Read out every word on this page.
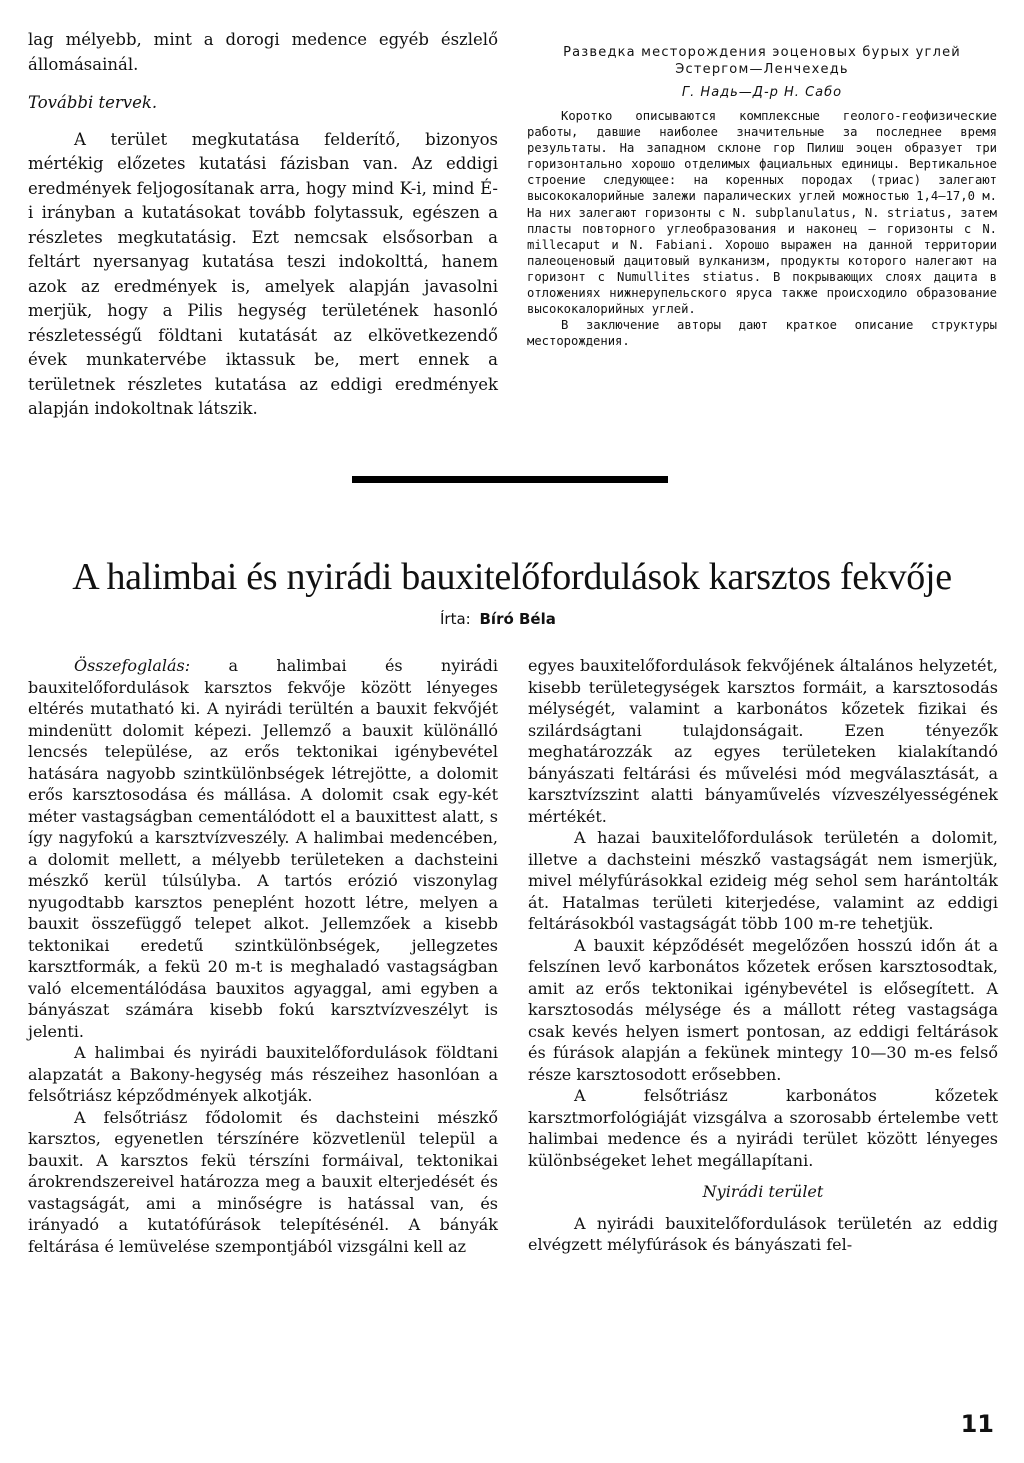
lag mélyebb, mint a dorogi medence egyéb észlelő állomásainál.

További tervek.

A terület megkutatása felderítő, bizonyos mértékig előzetes kutatási fázisban van. Az eddigi eredmények feljogosítanak arra, hogy mind K-i, mind É-i irányban a kutatásokat tovább folytassuk, egészen a részletes megkutatásig. Ezt nemcsak elsősorban a feltárt nyersanyag kutatása teszi indokolttá, hanem azok az eredmények is, amelyek alapján javasolni merjük, hogy a Pilis hegység területének hasonló részletességű földtani kutatását az elkövetkezendő évek munkatervébe iktassuk be, mert ennek a területnek részletes kutatása az eddigi eredmények alapján indokoltnak látszik.

Разведка месторождения эоценовых бурых углей

Эстергом—Ленчехедь

Г. Надь—Д-р Н. Сабо

Коротко описываются комплексные геолого-геофизические работы, давшие наиболее значительные за последнее время результаты. На западном склоне гор Пилиш эоцен образует три горизонтально хорошо отделимых фациальных единицы. Вертикальное строение следующее: на коренных породах (триас) залегают высококалорийные залежи паралических углей можностью 1,4—17,0 м. На них залегают горизонты с N. subplanulatus, N. striatus, затем пласты повторного углеобразования и наконец — горизонты с N. millecaput и N. Fabiani. Хорошо выражен на данной территории палеоценовый дацитовый вулканизм, продукты которого налегают на горизонт с Numullites stiatus. В покрывающих слоях дацита в отложениях нижнерупельского яруса также происходило образование высококалорийных углей.

В заключение авторы дают краткое описание структуры месторождения.

A halimbai és nyirádi bauxitelőfordulások karsztos fekvője

Írta: Bíró Béla

Összefoglalás: a halimbai és nyirádi bauxitelőfordulások karsztos fekvője között lényeges eltérés mutatható ki. A nyirádi terültén a bauxit fekvőjét mindenütt dolomit képezi. Jellemző a bauxit különálló lencsés települése, az erős tektonikai igénybevétel hatására nagyobb szintkülönbségek létrejötte, a dolomit erős karsztosodása és mállása. A dolomit csak egy-két méter vastagságban cementálódott el a bauxittest alatt, s így nagyfokú a karsztvízveszély. A halimbai medencében, a dolomit mellett, a mélyebb területeken a dachsteini mészkő kerül túlsúlyba. A tartós erózió viszonylag nyugodtabb karsztos peneplént hozott létre, melyen a bauxit összefüggő telepet alkot. Jellemzőek a kisebb tektonikai eredetű szintkülönbségek, jellegzetes karsztformák, a fekü 20 m-t is meghaladó vastagságban való elcementálódása bauxitos agyaggal, ami egyben a bányászat számára kisebb fokú karsztvízveszélyt is jelenti.

A halimbai és nyirádi bauxitelőfordulások földtani alapzatát a Bakony-hegység más részeihez hasonlóan a felsőtriász képződmények alkotják.

A felsőtriász fődolomit és dachsteini mészkő karsztos, egyenetlen térszínére közvetlenül települ a bauxit. A karsztos fekü térszíni formáival, tektonikai árokrendszereivel határozza meg a bauxit elterjedését és vastagságát, ami a minőségre is hatással van, és irányadó a kutatófúrások telepítésénél. A bányák feltárása é lemüvelése szempontjából vizsgálni kell az

egyes bauxitelőfordulások fekvőjének általános helyzetét, kisebb területegységek karsztos formáit, a karsztosodás mélységét, valamint a karbonátos kőzetek fizikai és szilárdságtani tulajdonságait. Ezen tényezők meghatározzák az egyes területeken kialakítandó bányászati feltárási és művelési mód megválasztását, a karsztvízszint alatti bányaművelés vízveszélyességének mértékét.

A hazai bauxitelőfordulások területén a dolomit, illetve a dachsteini mészkő vastagságát nem ismerjük, mivel mélyfúrásokkal ezideig még sehol sem harántolták át. Hatalmas területi kiterjedése, valamint az eddigi feltárásokból vastagságát több 100 m-re tehetjük.

A bauxit képződését megelőzően hosszú időn át a felszínen levő karbonátos kőzetek erősen karsztosodtak, amit az erős tektonikai igénybevétel is elősegített. A karsztosodás mélysége és a mállott réteg vastagsága csak kevés helyen ismert pontosan, az eddigi feltárások és fúrások alapján a fekünek mintegy 10—30 m-es felső része karsztosodott erősebben.

A felsőtriász karbonátos kőzetek karsztmorfológiáját vizsgálva a szorosabb értelembe vett halimbai medence és a nyirádi terület között lényeges különbségeket lehet megállapítani.

Nyirádi terület

A nyirádi bauxitelőfordulások területén az eddig elvégzett mélyfúrások és bányászati fel-

11
